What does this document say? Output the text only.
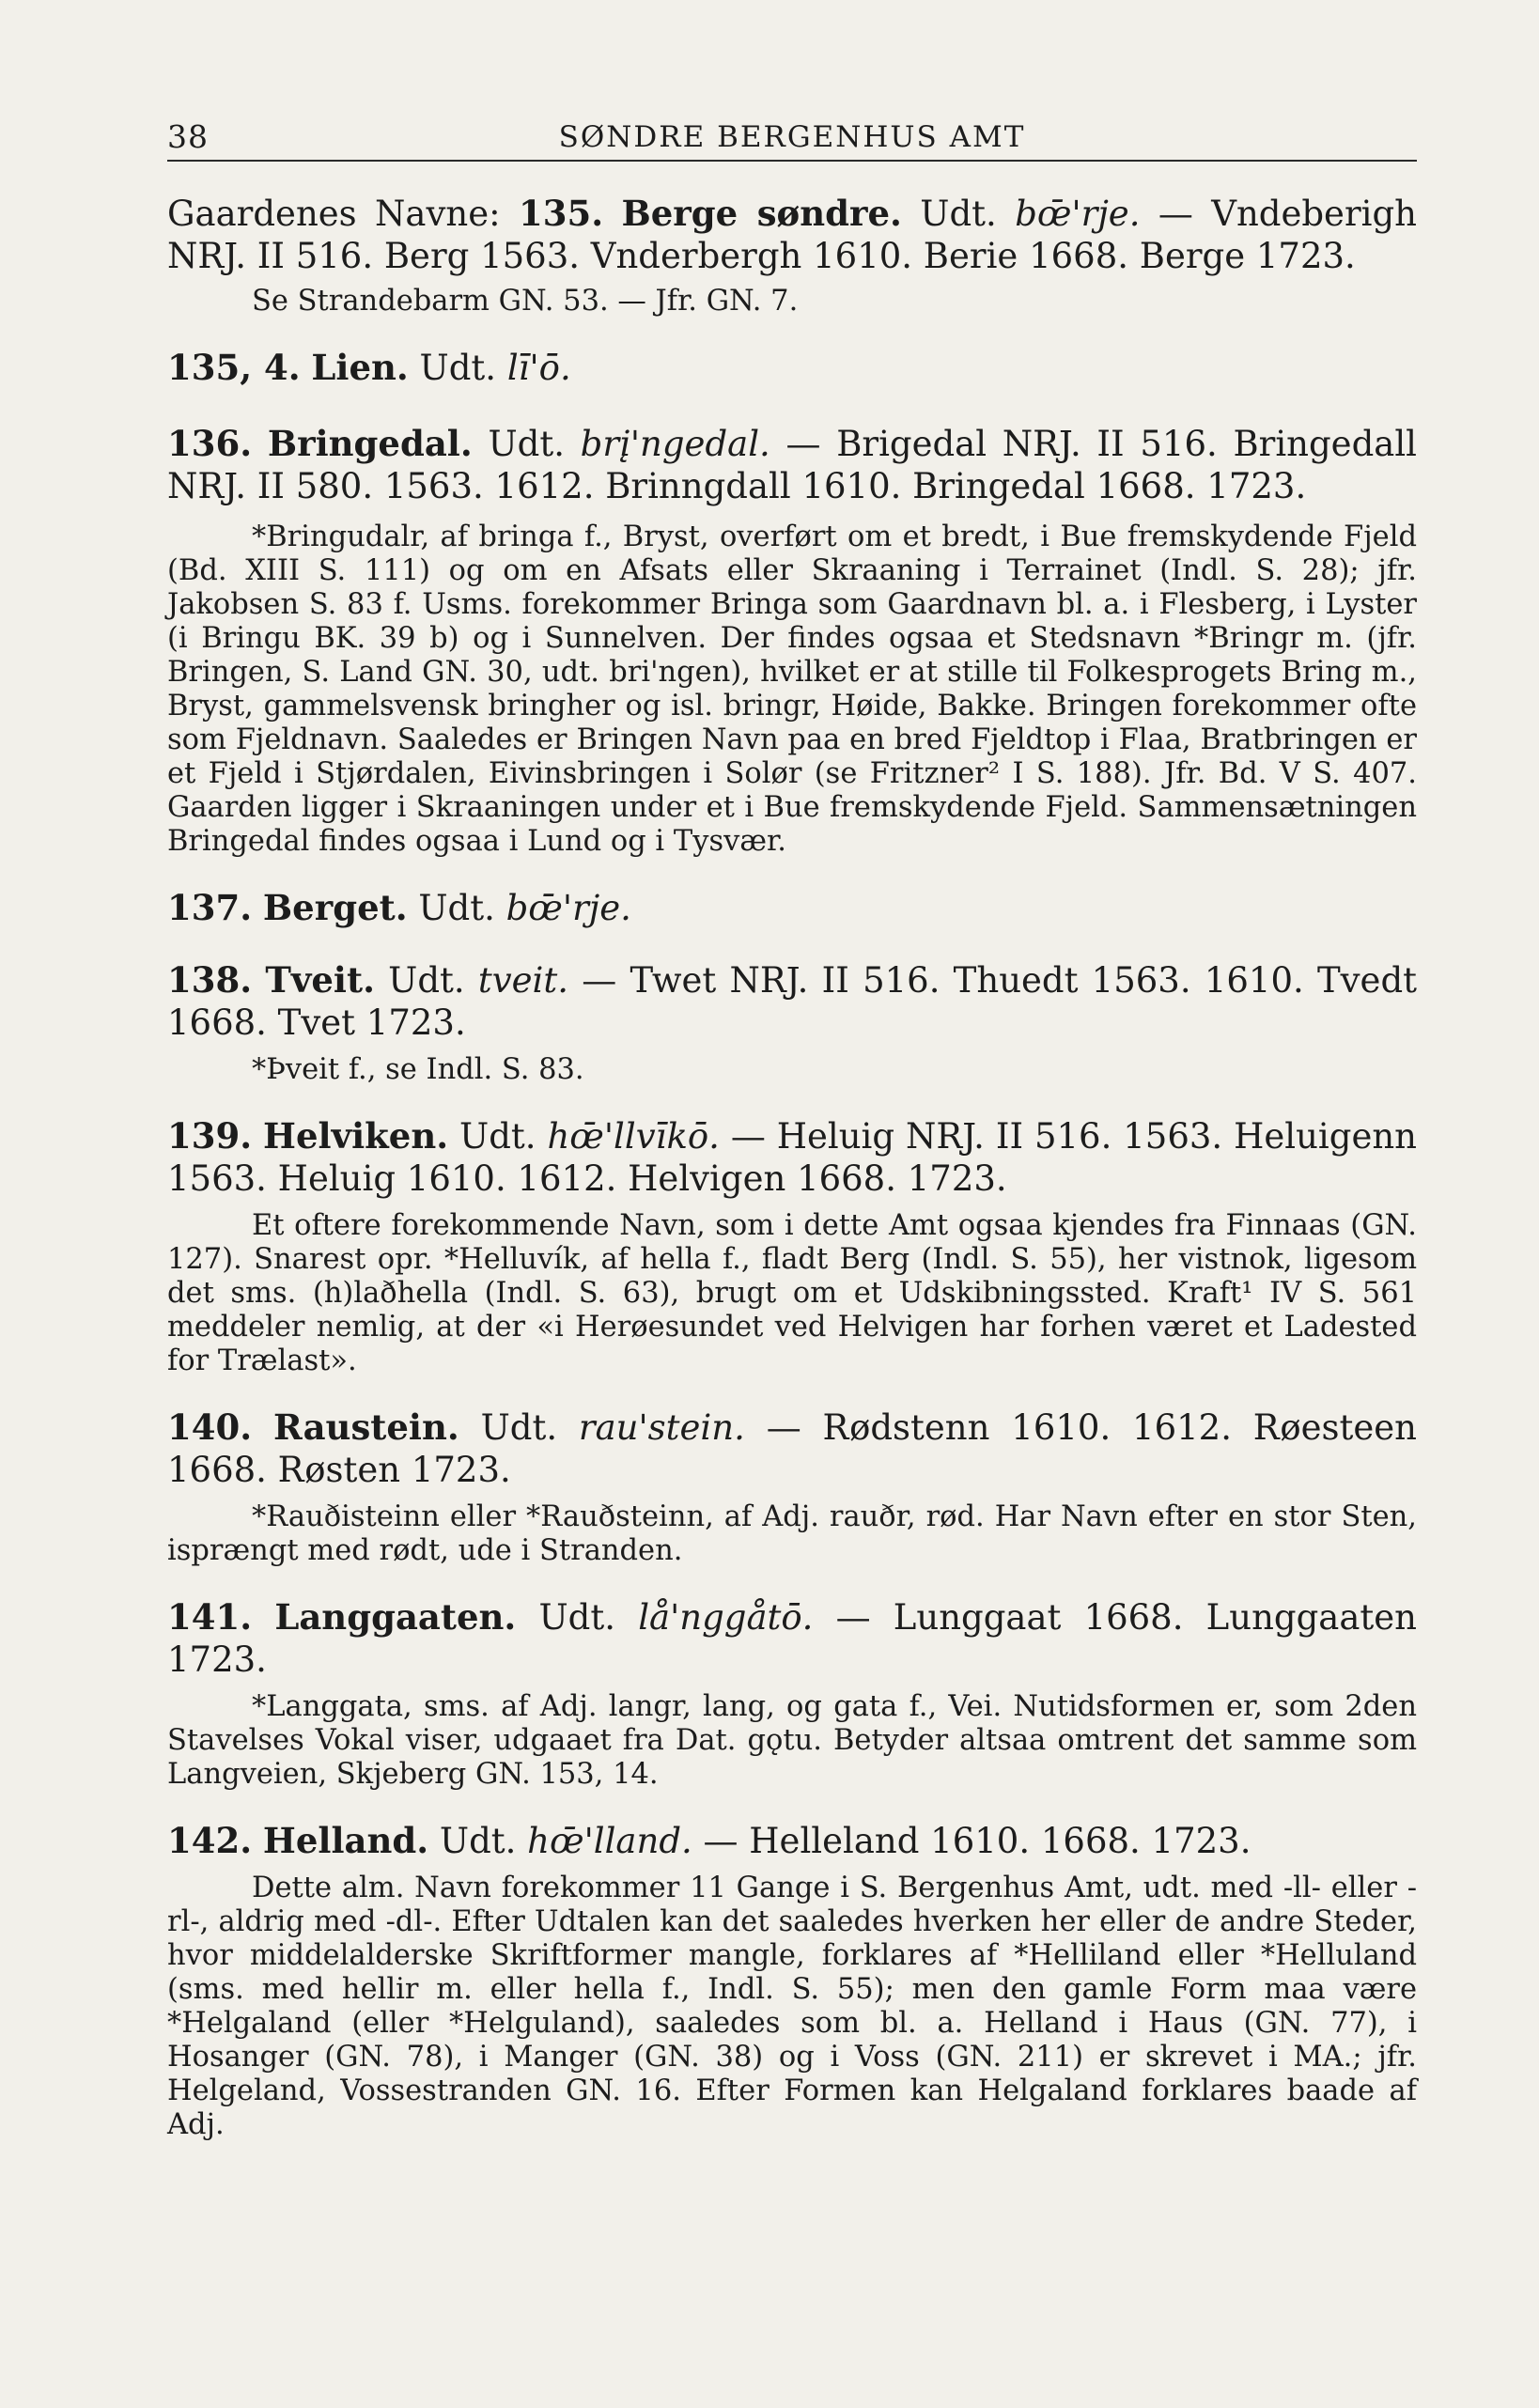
38	SØNDRE BERGENHUS AMT

Gaardenes Navne: 135. Berge søndre. Udt. bœ̄'rje. — Vndeberigh NRJ. II 516. Berg 1563. Vnderbergh 1610. Berie 1668. Berge 1723.

Se Strandebarm GN. 53. — Jfr. GN. 7.

135, 4. Lien. Udt. lī'ō.

136. Bringedal. Udt. brį'ngedal. — Brigedal NRJ. II 516. Bringedall NRJ. II 580. 1563. 1612. Brinngdall 1610. Bringedal 1668. 1723.

*Bringudalr, af bringa f., Bryst, overført om et bredt, i Bue fremskydende Fjeld (Bd. XIII S. 111) og om en Afsats eller Skraaning i Terrainet (Indl. S. 28); jfr. Jakobsen S. 83 f. Usms. forekommer Bringa som Gaardnavn bl. a. i Flesberg, i Lyster (i Bringu BK. 39 b) og i Sunnelven. Der findes ogsaa et Stedsnavn *Bringr m. (jfr. Bringen, S. Land GN. 30, udt. bri'ngen), hvilket er at stille til Folkesprogets Bring m., Bryst, gammelsvensk bringher og isl. bringr, Høide, Bakke. Bringen forekommer ofte som Fjeldnavn. Saaledes er Bringen Navn paa en bred Fjeldtop i Flaa, Bratbringen er et Fjeld i Stjørdalen, Eivinsbringen i Solør (se Fritzner² I S. 188). Jfr. Bd. V S. 407. Gaarden ligger i Skraaningen under et i Bue fremskydende Fjeld. Sammensætningen Bringedal findes ogsaa i Lund og i Tysvær.

137. Berget. Udt. bœ̄'rje.

138. Tveit. Udt. tveit. — Twet NRJ. II 516. Thuedt 1563. 1610. Tvedt 1668. Tvet 1723.

*Þveit f., se Indl. S. 83.

139. Helviken. Udt. hœ̄'llvīkō. — Heluig NRJ. II 516. 1563. Heluigenn 1563. Heluig 1610. 1612. Helvigen 1668. 1723.

Et oftere forekommende Navn, som i dette Amt ogsaa kjendes fra Finnaas (GN. 127). Snarest opr. *Helluvík, af hella f., fladt Berg (Indl. S. 55), her vistnok, ligesom det sms. (h)laðhella (Indl. S. 63), brugt om et Udskibningssted. Kraft¹ IV S. 561 meddeler nemlig, at der «i Herøesundet ved Helvigen har forhen været et Ladested for Trælast».

140. Raustein. Udt. rau'stein. — Rødstenn 1610. 1612. Røesteen 1668. Røsten 1723.

*Rauðisteinn eller *Rauðsteinn, af Adj. rauðr, rød. Har Navn efter en stor Sten, isprængt med rødt, ude i Stranden.

141. Langgaaten. Udt. lå'nggåtō. — Lunggaat 1668. Lunggaaten 1723.

*Langgata, sms. af Adj. langr, lang, og gata f., Vei. Nutidsformen er, som 2den Stavelses Vokal viser, udgaaet fra Dat. gǫtu. Betyder altsaa omtrent det samme som Langveien, Skjeberg GN. 153, 14.

142. Helland. Udt. hœ̄'lland. — Helleland 1610. 1668. 1723.

Dette alm. Navn forekommer 11 Gange i S. Bergenhus Amt, udt. med -ll- eller -rl-, aldrig med -dl-. Efter Udtalen kan det saaledes hverken her eller de andre Steder, hvor middelalderske Skriftformer mangle, forklares af *Helliland eller *Helluland (sms. med hellir m. eller hella f., Indl. S. 55); men den gamle Form maa være *Helgaland (eller *Helguland), saaledes som bl. a. Helland i Haus (GN. 77), i Hosanger (GN. 78), i Manger (GN. 38) og i Voss (GN. 211) er skrevet i MA.; jfr. Helgeland, Vossestranden GN. 16. Efter Formen kan Helgaland forklares baade af Adj.
